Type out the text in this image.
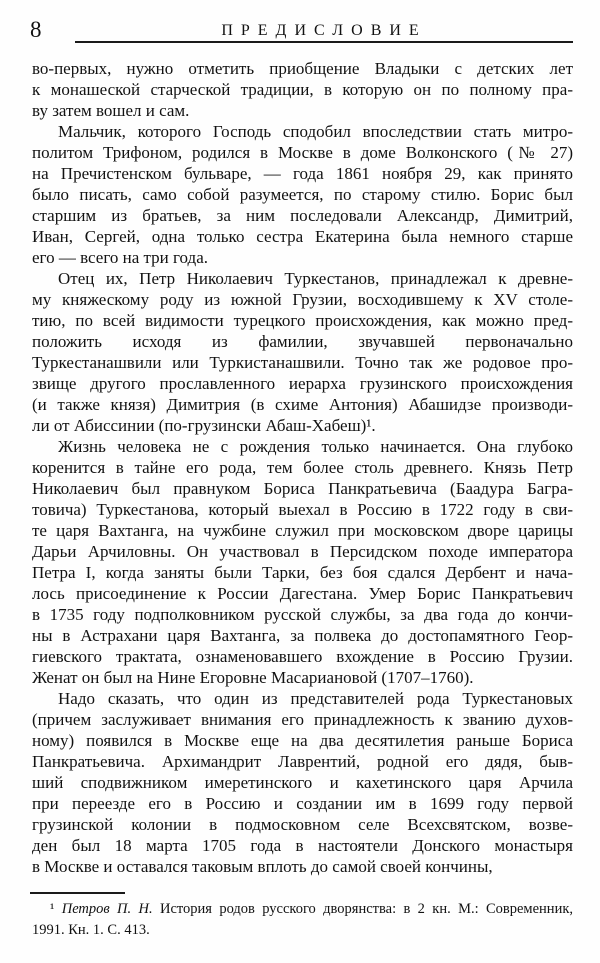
8	ПРЕДИСЛОВИЕ
во-первых, нужно отметить приобщение Владыки с детских лет
к монашеской старческой традиции, в которую он по полному пра-
ву затем вошел и сам.
Мальчик, которого Господь сподобил впоследствии стать митро-
политом Трифоном, родился в Москве в доме Волконского (№ 27)
на Пречистенском бульваре, — года 1861 ноября 29, как принято
было писать, само собой разумеется, по старому стилю. Борис был
старшим из братьев, за ним последовали Александр, Димитрий,
Иван, Сергей, одна только сестра Екатерина была немного старше
его — всего на три года.
Отец их, Петр Николаевич Туркестанов, принадлежал к древне-
му княжескому роду из южной Грузии, восходившему к XV столе-
тию, по всей видимости турецкого происхождения, как можно пред-
положить исходя из фамилии, звучавшей первоначально
Туркестанашвили или Туркистанашвили. Точно так же родовое про-
звище другого прославленного иерарха грузинского происхождения
(и также князя) Димитрия (в схиме Антония) Абашидзе производи-
ли от Абиссинии (по-грузински Абаш-Хабеш)¹.
Жизнь человека не с рождения только начинается. Она глубоко
коренится в тайне его рода, тем более столь древнего. Князь Петр
Николаевич был правнуком Бориса Панкратьевича (Баадура Багра-
товича) Туркестанова, который выехал в Россию в 1722 году в сви-
те царя Вахтанга, на чужбине служил при московском дворе царицы
Дарьи Арчиловны. Он участвовал в Персидском походе императора
Петра I, когда заняты были Тарки, без боя сдался Дербент и нача-
лось присоединение к России Дагестана. Умер Борис Панкратьевич
в 1735 году подполковником русской службы, за два года до кончи-
ны в Астрахани царя Вахтанга, за полвека до достопамятного Геор-
гиевского трактата, ознаменовавшего вхождение в Россию Грузии.
Женат он был на Нине Егоровне Масариановой (1707–1760).
Надо сказать, что один из представителей рода Туркестановых
(причем заслуживает внимания его принадлежность к званию духов-
ному) появился в Москве еще на два десятилетия раньше Бориса
Панкратьевича. Архимандрит Лаврентий, родной его дядя, быв-
ший сподвижником имеретинского и кахетинского царя Арчила
при переезде его в Россию и создании им в 1699 году первой
грузинской колонии в подмосковном селе Всехсвятском, возве-
ден был 18 марта 1705 года в настоятели Донского монастыря
в Москве и оставался таковым вплоть до самой своей кончины,
¹ Петров П. Н. История родов русского дворянства: в 2 кн. М.: Современник,
1991. Кн. 1. С. 413.
